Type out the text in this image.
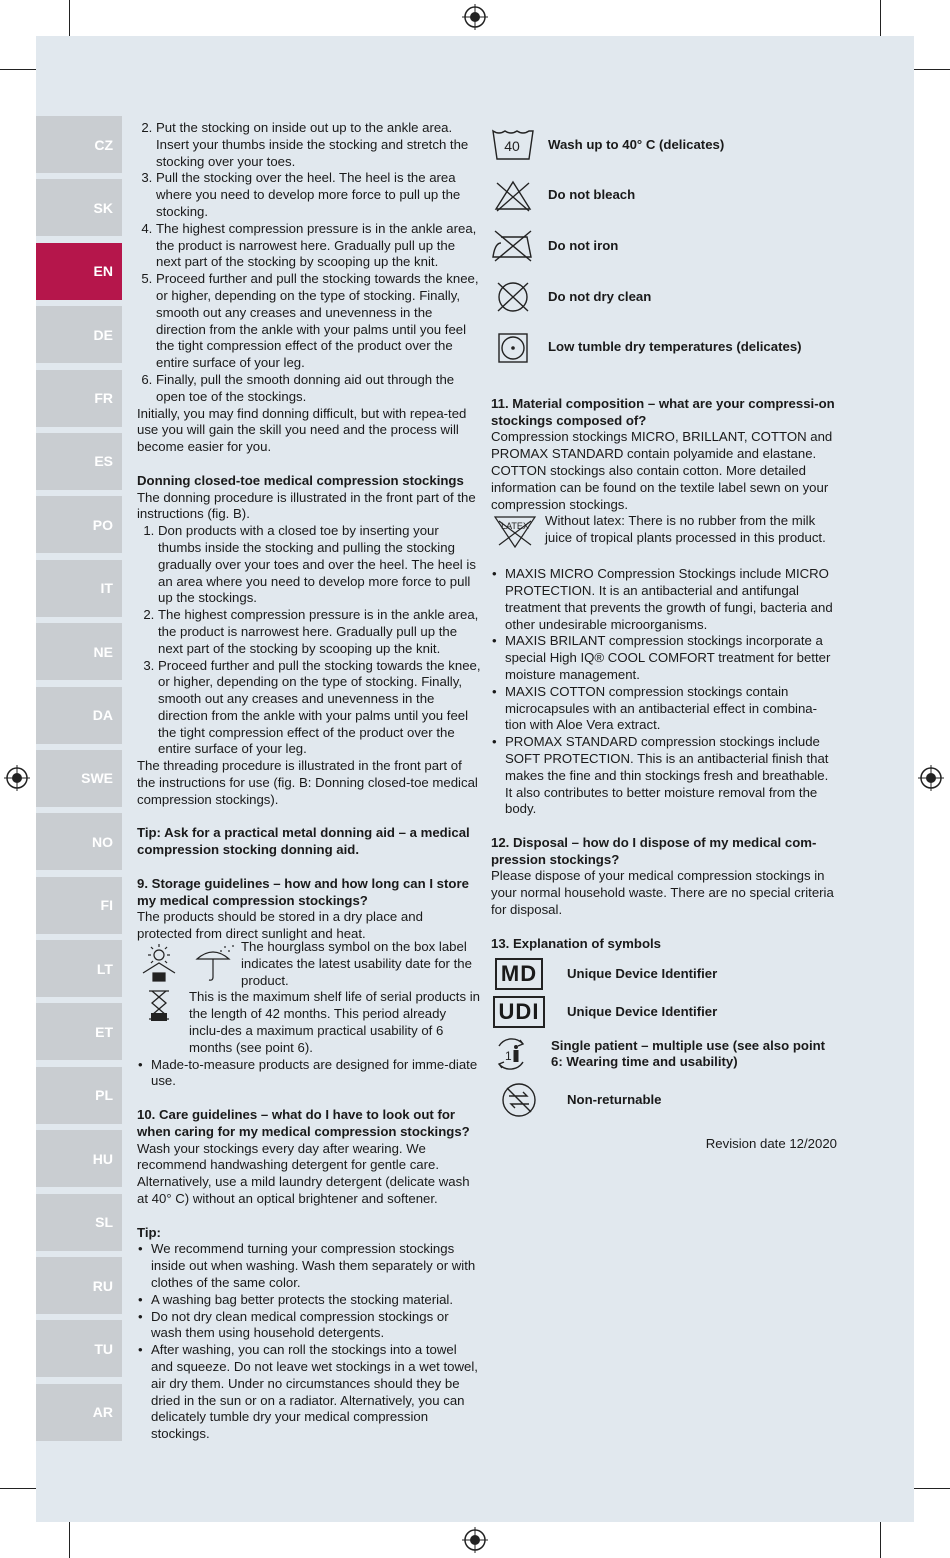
CZ
SK
EN
DE
FR
ES
PO
IT
NE
DA
SWE
NO
FI
LT
ET
PL
HU
SL
RU
TU
AR
2. Put the stocking on inside out up to the ankle area. Insert your thumbs inside the stocking and stretch the stocking over your toes.
3. Pull the stocking over the heel. The heel is the area where you need to develop more force to pull up the stocking.
4. The highest compression pressure is in the ankle area, the product is narrowest here. Gradually pull up the next part of the stocking by scooping up the knit.
5. Proceed further and pull the stocking towards the knee, or higher, depending on the type of stocking. Finally, smooth out any creases and unevenness in the direction from the ankle with your palms until you feel the tight compression effect of the product over the entire surface of your leg.
6. Finally, pull the smooth donning aid out through the open toe of the stockings.

Initially, you may find donning difficult, but with repea-ted use you will gain the skill you need and the process will become easier for you.

Donning closed-toe medical compression stockings

The donning procedure is illustrated in the front part of the instructions (fig. B).

1. Don products with a closed toe by inserting your thumbs inside the stocking and pulling the stocking gradually over your toes and over the heel. The heel is an area where you need to develop more force to pull up the stockings.
2. The highest compression pressure is in the ankle area, the product is narrowest here. Gradually pull up the next part of the stocking by scooping up the knit.
3. Proceed further and pull the stocking towards the knee, or higher, depending on the type of stocking. Finally, smooth out any creases and unevenness in the direction from the ankle with your palms until you feel the tight compression effect of the product over the entire surface of your leg.

The threading procedure is illustrated in the front part of the instructions for use (fig. B: Donning closed-toe medical compression stockings).

Tip: Ask for a practical metal donning aid – a medical compression stocking donning aid.
9. Storage guidelines – how and how long can I store my medical compression stockings?

The products should be stored in a dry place and protected from direct sunlight and heat.

The hourglass symbol on the box label indicates the latest usability date for the product.

This is the maximum shelf life of serial products in the length of 42 months. This period already inclu-des a maximum practical usability of 6 months (see point 6).

• Made-to-measure products are designed for imme-diate use.
10. Care guidelines – what do I have to look out for when caring for my medical compression stockings?

Wash your stockings every day after wearing. We recommend handwashing detergent for gentle care. Alternatively, use a mild laundry detergent (delicate wash at 40° C) without an optical brightener and softener.

Tip:
• We recommend turning your compression stockings inside out when washing. Wash them separately or with clothes of the same color.
• A washing bag better protects the stocking material.
• Do not dry clean medical compression stockings or wash them using household detergents.
• After washing, you can roll the stockings into a towel and squeeze. Do not leave wet stockings in a wet towel, air dry them. Under no circumstances should they be dried in the sun or on a radiator. Alternatively, you can delicately tumble dry your medical compression stockings.
40 Wash up to 40° C (delicates)
Do not bleach
Do not iron
Do not dry clean
Low tumble dry temperatures (delicates)
11. Material composition – what are your compressi-on stockings composed of?

Compression stockings MICRO, BRILLANT, COTTON and PROMAX STANDARD contain polyamide and elastane. COTTON stockings also contain cotton. More detailed information can be found on the textile label sewn on your compression stockings.

LATEX Without latex: There is no rubber from the milk juice of tropical plants processed in this product.

• MAXIS MICRO Compression Stockings include MICRO PROTECTION. It is an antibacterial and antifungal treatment that prevents the growth of fungi, bacteria and other undesirable microorganisms.
• MAXIS BRILANT compression stockings incorporate a special High IQ® COOL COMFORT treatment for better moisture management.
• MAXIS COTTON compression stockings contain microcapsules with an antibacterial effect in combina-tion with Aloe Vera extract.
• PROMAX STANDARD compression stockings include SOFT PROTECTION. This is an antibacterial finish that makes the fine and thin stockings fresh and breathable. It also contributes to better moisture removal from the body.
12. Disposal – how do I dispose of my medical com-pression stockings?

Please dispose of your medical compression stockings in your normal household waste. There are no special criteria for disposal.

13. Explanation of symbols
MD	Unique Device Identifier
UDI	Unique Device Identifier
1
Single patient – multiple use (see also point 6: Wearing time and usability)
Non-returnable

Revision date 12/2020
